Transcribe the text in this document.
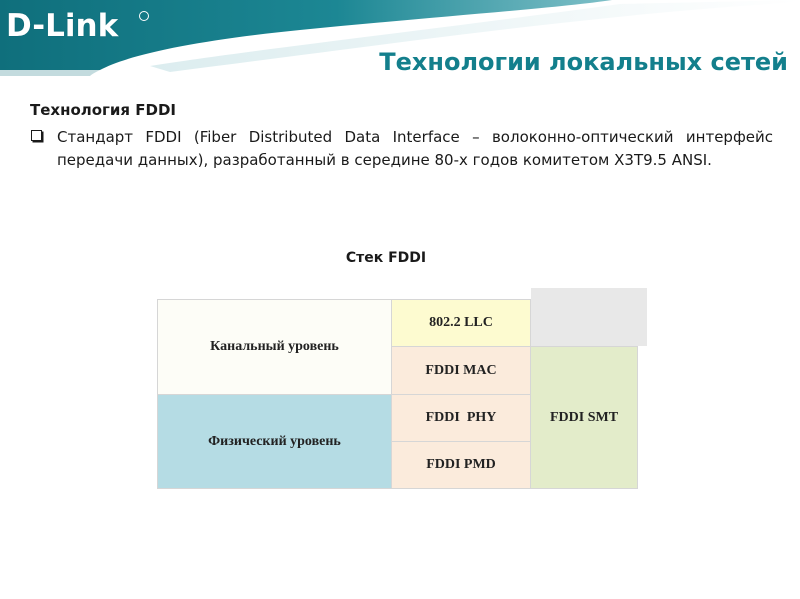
D-Link
Технологии локальных сетей
Технология FDDI
Стандарт FDDI (Fiber Distributed Data Interface – волоконно-оптический интерфейс передачи данных), разработанный в середине 80-х годов комитетом X3T9.5 ANSI.
Стек FDDI
Канальный уровень
Физический уровень
802.2 LLC
FDDI MAC
FDDI  PHY
FDDI PMD
FDDI SMT
